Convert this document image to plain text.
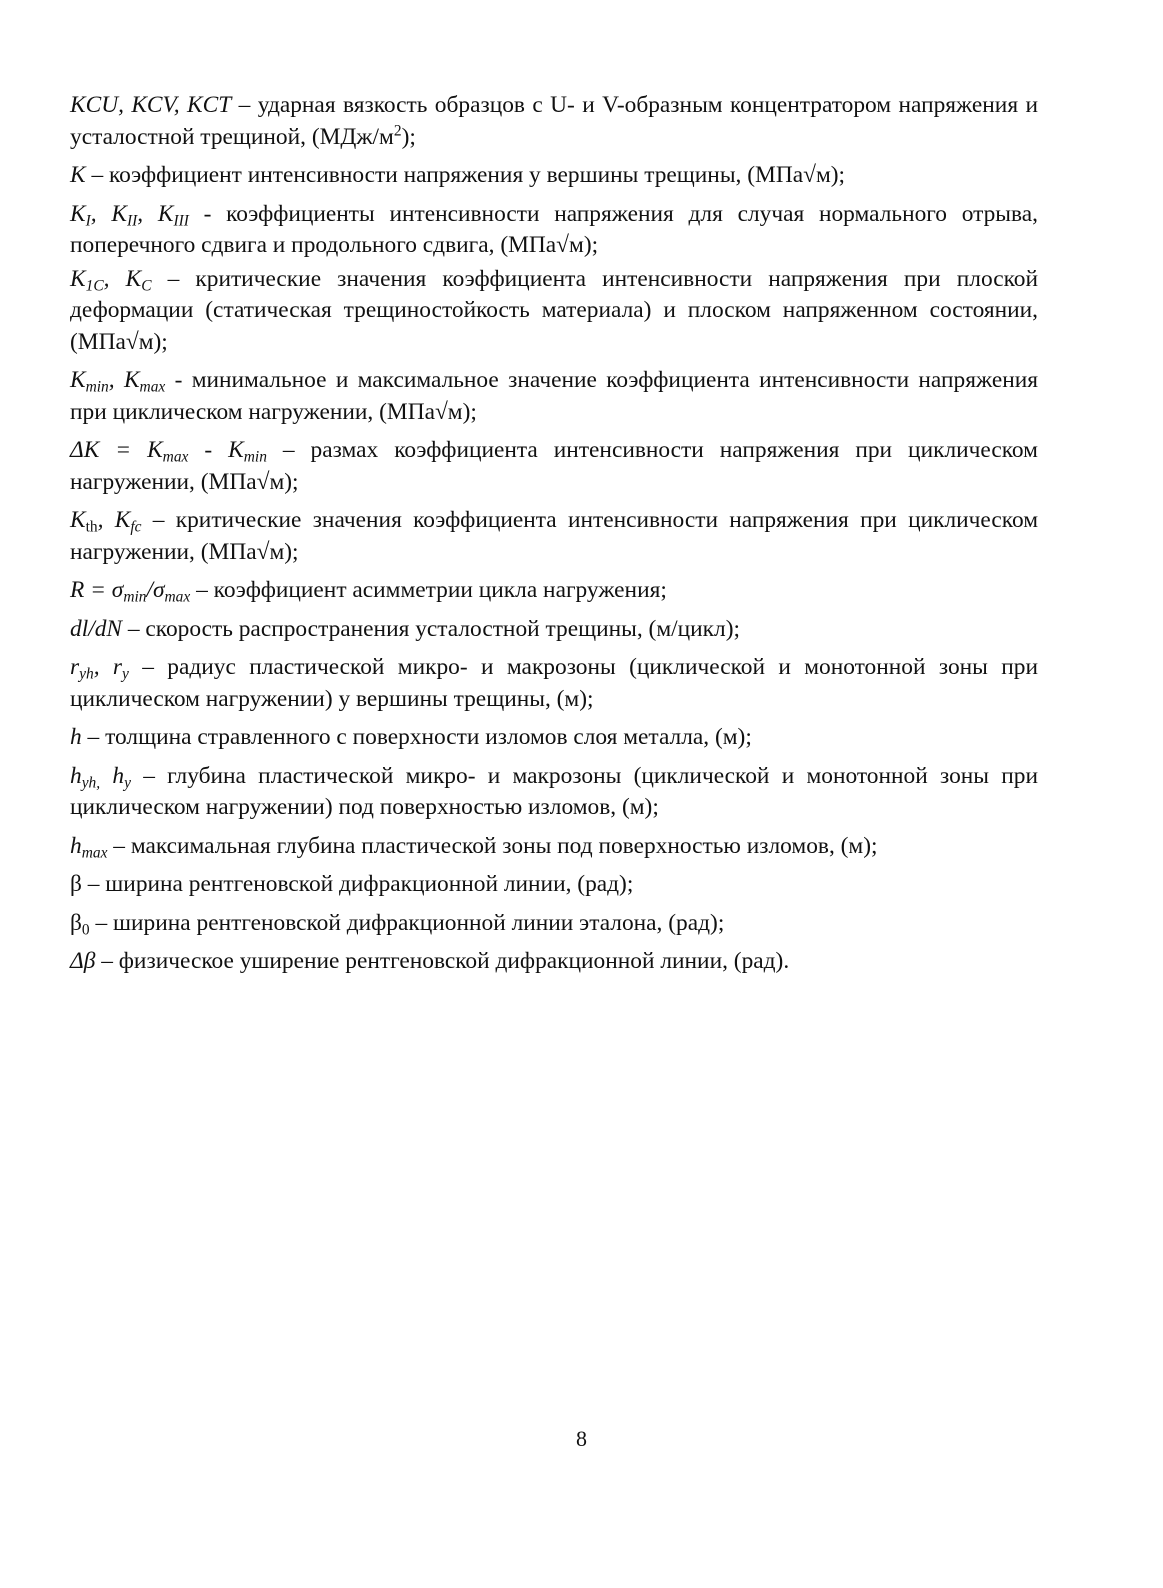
KCU, KCV, KCT – ударная вязкость образцов с U- и V-образным концентратором напряжения и усталостной трещиной, $(МДж/м^2)$;

K – коэффициент интенсивности напряжения у вершины трещины, (МПа√м);

$K_I$, $K_{II}$, $K_{III}$ - коэффициенты интенсивности напряжения для случая нормального отрыва, поперечного сдвига и продольного сдвига, (МПа√м);

$K_{1C}$, $K_C$ – критические значения коэффициента интенсивности напряжения при плоской деформации (статическая трещиностойкость материала) и плоском напряженном состоянии, (МПа√м);

$K_{min}$, $K_{max}$ - минимальное и максимальное значение коэффициента интенсивности напряжения при циклическом нагружении, (МПа√м);

$\Delta K = K_{max} - K_{min}$ – размах коэффициента интенсивности напряжения при циклическом нагружении, (МПа√м);

$K_{th}$, $K_{fc}$ – критические значения коэффициента интенсивности напряжения при циклическом нагружении, (МПа√м);

$R = \sigma_{min}/\sigma_{max}$ – коэффициент асимметрии цикла нагружения;

dl/dN – скорость распространения усталостной трещины, (м/цикл);

$r_{yh}$, $r_y$ – радиус пластической микро- и макрозоны (циклической и монотонной зоны при циклическом нагружении) у вершины трещины, (м);

h – толщина стравленного с поверхности изломов слоя металла, (м);

$h_{yh,}$ $h_y$ – глубина пластической микро- и макрозоны (циклической и монотонной зоны при циклическом нагружении) под поверхностью изломов, (м);

$h_{max}$ – максимальная глубина пластической зоны под поверхностью изломов, (м);

β – ширина рентгеновской дифракционной линии, (рад);

$\beta_0$ – ширина рентгеновской дифракционной линии эталона, (рад);

Δβ – физическое уширение рентгеновской дифракционной линии, (рад).

8
